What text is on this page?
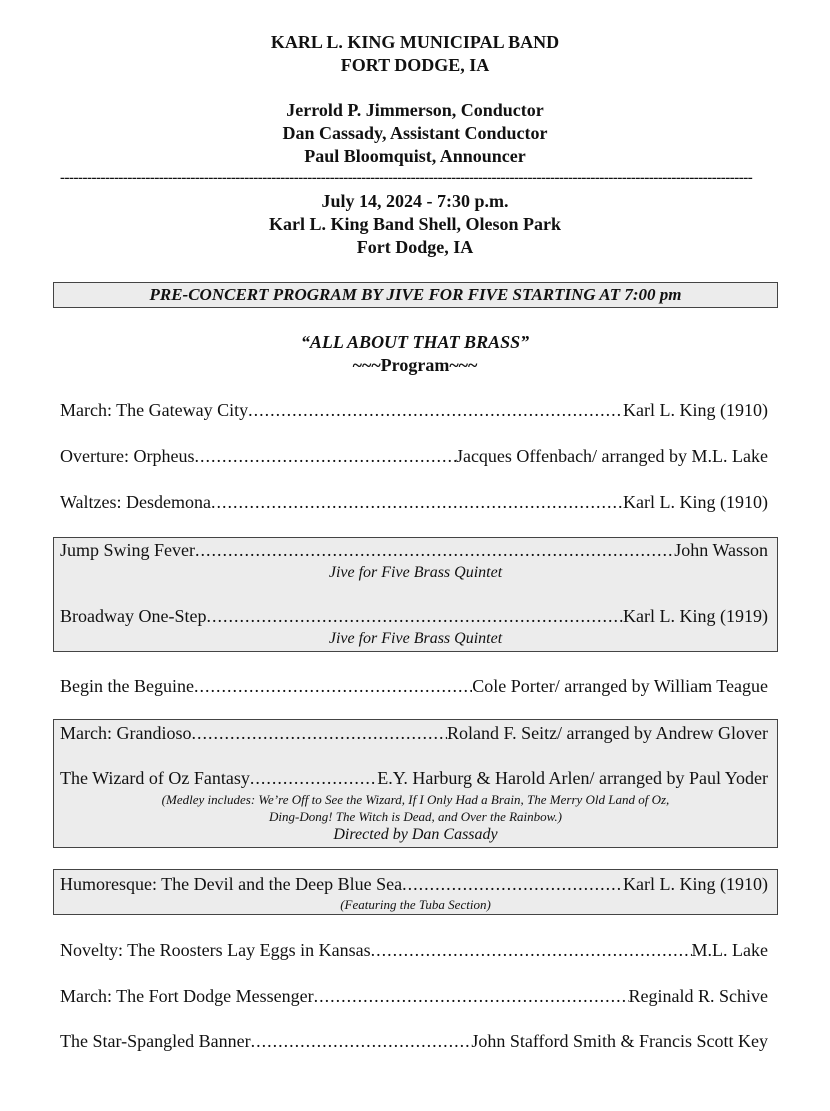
KARL L. KING MUNICIPAL BAND
FORT DODGE, IA
Jerrold P. Jimmerson, Conductor
Dan Cassady, Assistant Conductor
Paul Bloomquist, Announcer
----------------------------------------------------------------------------------------------------------------------------------------------------------
July 14, 2024 - 7:30 p.m.
Karl L. King Band Shell, Oleson Park
Fort Dodge, IA
PRE-CONCERT PROGRAM BY JIVE FOR FIVE STARTING AT 7:00 pm
“ALL ABOUT THAT BRASS”
~~~Program~~~
March: The Gateway City .....	Karl L. King (1910)
Overture: Orpheus .....	Jacques Offenbach/ arranged by M.L. Lake
Waltzes: Desdemona .....	Karl L. King (1910)
Jump Swing Fever .....	John Wasson
Jive for Five Brass Quintet
Broadway One-Step .....	Karl L. King (1919)
Jive for Five Brass Quintet
Begin the Beguine .....	Cole Porter/ arranged by William Teague
March: Grandioso .....	Roland F. Seitz/ arranged by Andrew Glover
The Wizard of Oz Fantasy .....	E.Y. Harburg & Harold Arlen/ arranged by Paul Yoder
(Medley includes: We’re Off to See the Wizard, If I Only Had a Brain, The Merry Old Land of Oz,
Ding-Dong! The Witch is Dead, and Over the Rainbow.)
Directed by Dan Cassady
Humoresque: The Devil and the Deep Blue Sea .....	Karl L. King (1910)
(Featuring the Tuba Section)
Novelty: The Roosters Lay Eggs in Kansas .....	M.L. Lake
March: The Fort Dodge Messenger .....	Reginald R. Schive
The Star-Spangled Banner .....	John Stafford Smith & Francis Scott Key
